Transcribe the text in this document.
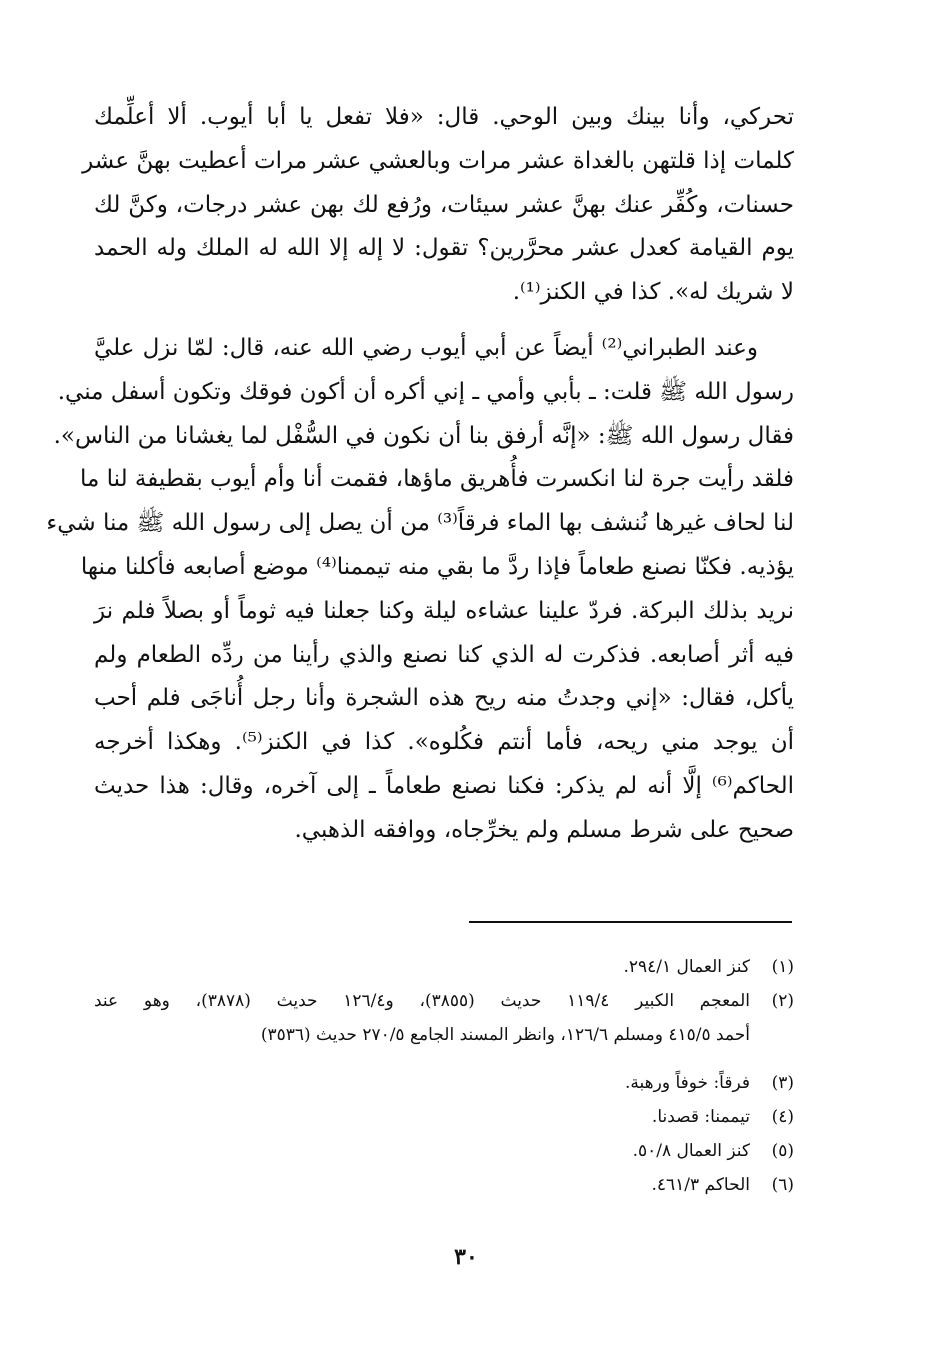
تحركي، وأنا بينك وبين الوحي. قال: «فلا تفعل يا أبا أيوب. ألا أعلِّمك
كلمات إذا قلتهن بالغداة عشر مرات وبالعشي عشر مرات أعطيت بهنَّ عشر
حسنات، وكُفِّر عنك بهنَّ عشر سيئات، ورُفع لك بهن عشر درجات، وكنَّ لك
يوم القيامة كعدل عشر محرَّرين؟ تقول: لا إله إلا الله له الملك وله الحمد
لا شريك له». كذا في الكنز⁽¹⁾.
وعند الطبراني⁽²⁾ أيضاً عن أبي أيوب رضي الله عنه، قال: لمّا نزل عليَّ
رسول الله ﷺ قلت: ـ بأبي وأمي ـ إني أكره أن أكون فوقك وتكون أسفل مني.
فقال رسول الله ﷺ: «إنَّه أرفق بنا أن نكون في السُّفْل لما يغشانا من الناس».
فلقد رأيت جرة لنا انكسرت فأُهريق ماؤها، فقمت أنا وأم أيوب بقطيفة لنا ما
لنا لحاف غيرها نُنشف بها الماء فرقاً⁽³⁾ من أن يصل إلى رسول الله ﷺ منا شيء
يؤذيه. فكنّا نصنع طعاماً فإذا ردَّ ما بقي منه تيممنا⁽⁴⁾ موضع أصابعه فأكلنا منها
نريد بذلك البركة. فردّ علينا عشاءه ليلة وكنا جعلنا فيه ثوماً أو بصلاً فلم نرَ
فيه أثر أصابعه. فذكرت له الذي كنا نصنع والذي رأينا من ردِّه الطعام ولم
يأكل، فقال: «إني وجدتُ منه ريح هذه الشجرة وأنا رجل أُناجَى فلم أحب
أن يوجد مني ريحه، فأما أنتم فكُلوه». كذا في الكنز⁽⁵⁾. وهكذا أخرجه
الحاكم⁽⁶⁾ إلَّا أنه لم يذكر: فكنا نصنع طعاماً ـ إلى آخره، وقال: هذا حديث
صحيح على شرط مسلم ولم يخرِّجاه، ووافقه الذهبي.
(١)
كنز العمال ٢٩٤/١.
(٢)
المعجم الكبير ١١٩/٤ حديث (٣٨٥٥)، و١٢٦/٤ حديث (٣٨٧٨)، وهو عند
أحمد ٤١٥/٥ ومسلم ١٢٦/٦، وانظر المسند الجامع ٢٧٠/٥ حديث (٣٥٣٦)
(٣)
فرقاً: خوفاً ورهبة.
(٤)
تيممنا: قصدنا.
(٥)
كنز العمال ٥٠/٨.
(٦)
الحاكم ٤٦١/٣.
٣٠
